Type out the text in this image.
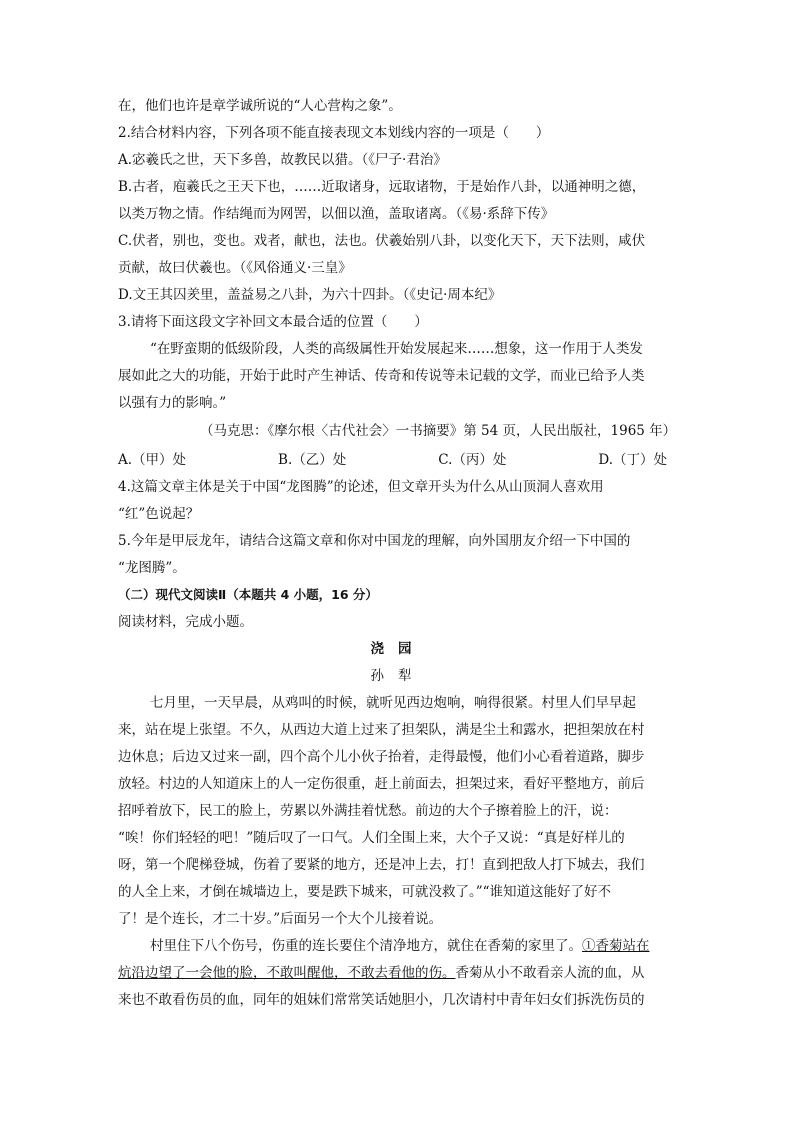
在，他们也许是章学诚所说的“人心营构之象”。
2.结合材料内容，下列各项不能直接表现文本划线内容的一项是（　　）
A.宓羲氏之世，天下多兽，故教民以猎。（《尸子·君治》
B.古者，庖羲氏之王天下也，……近取诸身，远取诸物，于是始作八卦，以通神明之德，
以类万物之情。作结绳而为网罟，以佃以渔，盖取诸离。（《易·系辞下传》
C.伏者，别也，变也。戏者，献也，法也。伏羲始别八卦，以变化天下，天下法则，咸伏
贡献，故曰伏羲也。（《风俗通义·三皇》
D.文王其囚羑里，盖益易之八卦，为六十四卦。（《史记·周本纪》
3.请将下面这段文字补回文本最合适的位置（　　）
“在野蛮期的低级阶段，人类的高级属性开始发展起来……想象，这一作用于人类发
展如此之大的功能，开始于此时产生神话、传奇和传说等未记载的文学，而业已给予人类
以强有力的影响。”
（马克思：《摩尔根〈古代社会〉一书摘要》第 54 页，人民出版社，1965 年）
A.（甲）处	B.（乙）处	C.（丙）处	D.（丁）处
4.这篇文章主体是关于中国“龙图腾”的论述，但文章开头为什么从山顶洞人喜欢用
“红”色说起？
5.今年是甲辰龙年，请结合这篇文章和你对中国龙的理解，向外国朋友介绍一下中国的
“龙图腾”。
（二）现代文阅读Ⅱ（本题共 4 小题，16 分）
阅读材料，完成小题。
浇园
孙犁
七月里，一天早晨，从鸡叫的时候，就听见西边炮响，响得很紧。村里人们早早起
来，站在堤上张望。不久，从西边大道上过来了担架队，满是尘土和露水，把担架放在村
边休息；后边又过来一副，四个高个儿小伙子抬着，走得最慢，他们小心看着道路，脚步
放轻。村边的人知道床上的人一定伤很重，赶上前面去，担架过来，看好平整地方，前后
招呼着放下，民工的脸上，劳累以外满挂着忧愁。前边的大个子擦着脸上的汗，说：
“唉！你们轻轻的吧！”随后叹了一口气。人们全围上来，大个子又说：“真是好样儿的
呀，第一个爬梯登城，伤着了要紧的地方，还是冲上去，打！直到把敌人打下城去，我们
的人全上来，才倒在城墙边上，要是跌下城来，可就没救了。”“谁知道这能好了好不
了！是个连长，才二十岁。”后面另一个大个儿接着说。
村里住下八个伤号，伤重的连长要住个清净地方，就住在香菊的家里了。①香菊站在
炕沿边望了一会他的脸，不敢叫醒他，不敢去看他的伤。香菊从小不敢看亲人流的血，从
来也不敢看伤员的血，同年的姐妹们常常笑话她胆小，几次请村中青年妇女们拆洗伤员的
